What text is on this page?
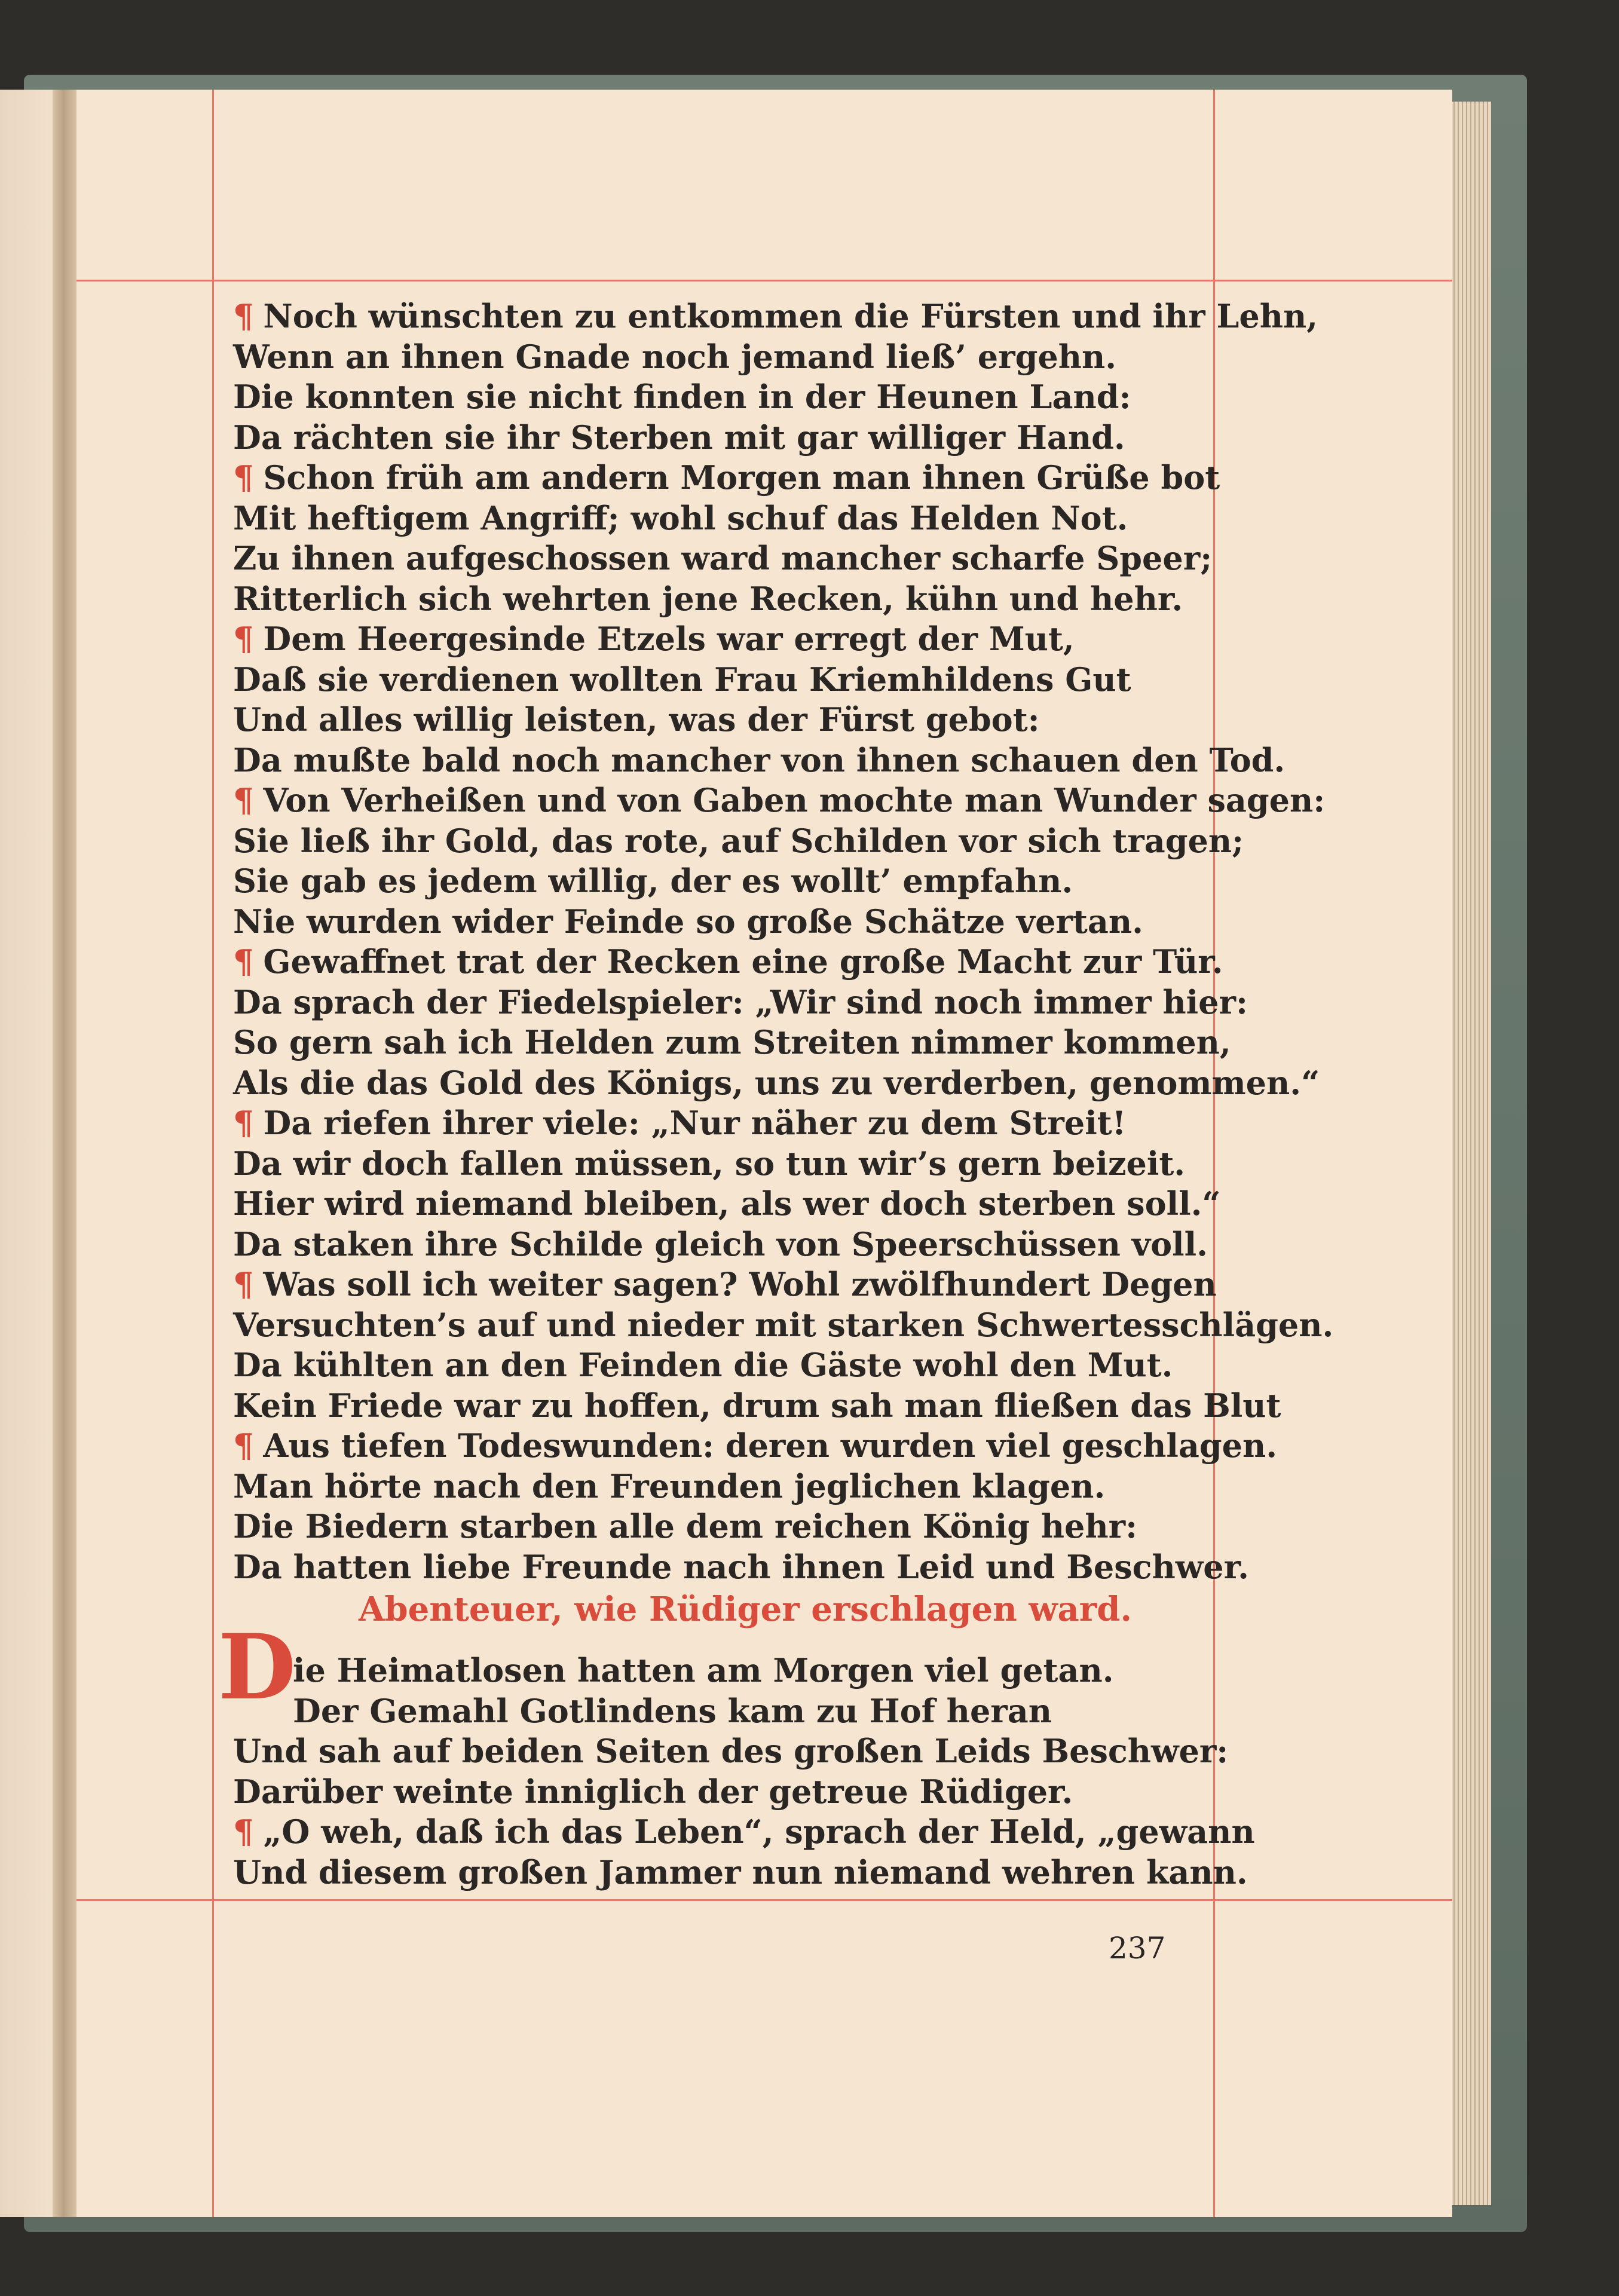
¶ Noch wünschten zu entkommen die Fürsten und ihr Lehn,
Wenn an ihnen Gnade noch jemand ließ’ ergehn.
Die konnten sie nicht finden in der Heunen Land:
Da rächten sie ihr Sterben mit gar williger Hand.
¶ Schon früh am andern Morgen man ihnen Grüße bot
Mit heftigem Angriff; wohl schuf das Helden Not.
Zu ihnen aufgeschossen ward mancher scharfe Speer;
Ritterlich sich wehrten jene Recken, kühn und hehr.
¶ Dem Heergesinde Etzels war erregt der Mut,
Daß sie verdienen wollten Frau Kriemhildens Gut
Und alles willig leisten, was der Fürst gebot:
Da mußte bald noch mancher von ihnen schauen den Tod.
¶ Von Verheißen und von Gaben mochte man Wunder sagen:
Sie ließ ihr Gold, das rote, auf Schilden vor sich tragen;
Sie gab es jedem willig, der es wollt’ empfahn.
Nie wurden wider Feinde so große Schätze vertan.
¶ Gewaffnet trat der Recken eine große Macht zur Tür.
Da sprach der Fiedelspieler: „Wir sind noch immer hier:
So gern sah ich Helden zum Streiten nimmer kommen,
Als die das Gold des Königs, uns zu verderben, genommen.“
¶ Da riefen ihrer viele: „Nur näher zu dem Streit!
Da wir doch fallen müssen, so tun wir’s gern beizeit.
Hier wird niemand bleiben, als wer doch sterben soll.“
Da staken ihre Schilde gleich von Speerschüssen voll.
¶ Was soll ich weiter sagen? Wohl zwölfhundert Degen
Versuchten’s auf und nieder mit starken Schwertesschlägen.
Da kühlten an den Feinden die Gäste wohl den Mut.
Kein Friede war zu hoffen, drum sah man fließen das Blut
¶ Aus tiefen Todeswunden: deren wurden viel geschlagen.
Man hörte nach den Freunden jeglichen klagen.
Die Biedern starben alle dem reichen König hehr:
Da hatten liebe Freunde nach ihnen Leid und Beschwer.
Abenteuer, wie Rüdiger erschlagen ward.
D
ie Heimatlosen hatten am Morgen viel getan.
Der Gemahl Gotlindens kam zu Hof heran
Und sah auf beiden Seiten des großen Leids Beschwer:
Darüber weinte inniglich der getreue Rüdiger.
¶ „O weh, daß ich das Leben“, sprach der Held, „gewann
Und diesem großen Jammer nun niemand wehren kann.
237
